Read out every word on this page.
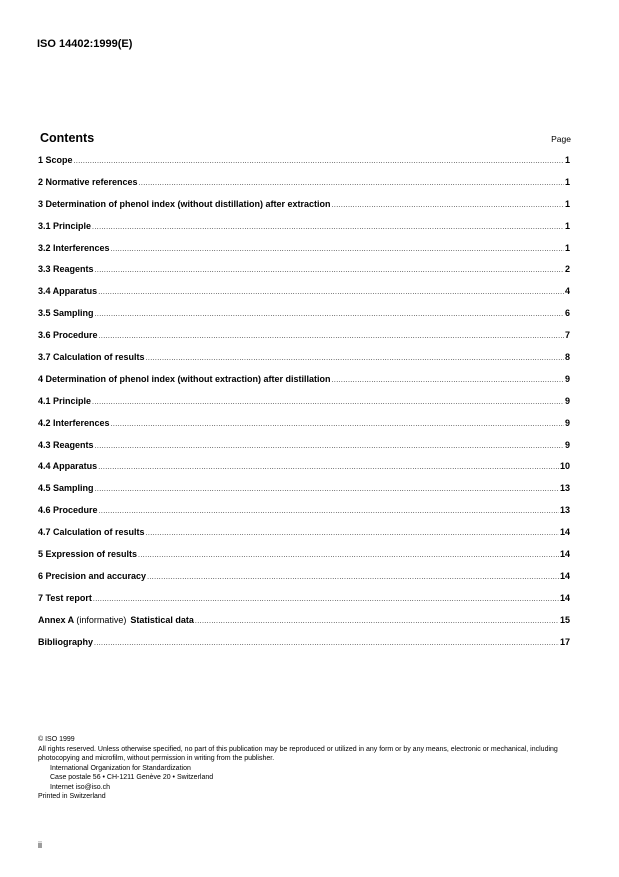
ISO 14402:1999(E)
Contents	Page
1 Scope .....	1
2 Normative references .....	1
3 Determination of phenol index (without distillation) after extraction .....	1
3.1 Principle .....	1
3.2 Interferences .....	1
3.3 Reagents .....	2
3.4 Apparatus .....	4
3.5 Sampling .....	6
3.6 Procedure .....	7
3.7 Calculation of results .....	8
4 Determination of phenol index (without extraction) after distillation .....	9
4.1 Principle .....	9
4.2 Interferences .....	9
4.3 Reagents .....	9
4.4 Apparatus .....	10
4.5 Sampling .....	13
4.6 Procedure .....	13
4.7 Calculation of results .....	14
5 Expression of results .....	14
6 Precision and accuracy .....	14
7 Test report .....	14
Annex A (informative) Statistical data .....	15
Bibliography .....	17

© ISO 1999

All rights reserved. Unless otherwise specified, no part of this publication may be reproduced or utilized in any form or by any means, electronic or mechanical, including photocopying and microfilm, without permission in writing from the publisher.

International Organization for Standardization

Case postale 56 • CH-1211 Genève 20 • Switzerland

Internet iso@iso.ch

Printed in Switzerland

ii
